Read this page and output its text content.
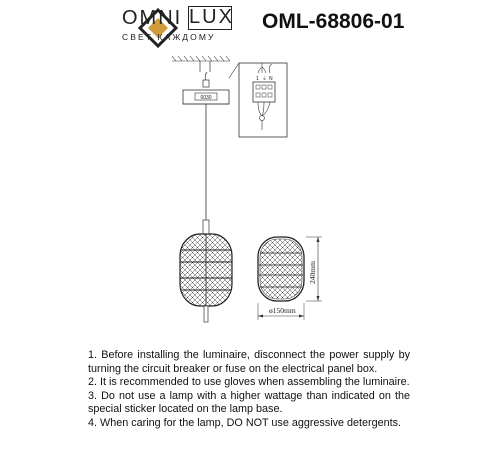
OMNI LUX
СВЕТ КАЖДОМУ
OML-68806-01
0030
1 ⏚ N
240mm
ø150mm

1. Before installing the luminaire, disconnect the power supply by turning the circuit breaker or fuse on the electrical panel box.

2. It is recommended to use gloves when assembling the luminaire.

3. Do not use a lamp with a higher wattage than indicated on the special sticker located on the lamp base.

4. When caring for the lamp, DO NOT use aggressive detergents.
